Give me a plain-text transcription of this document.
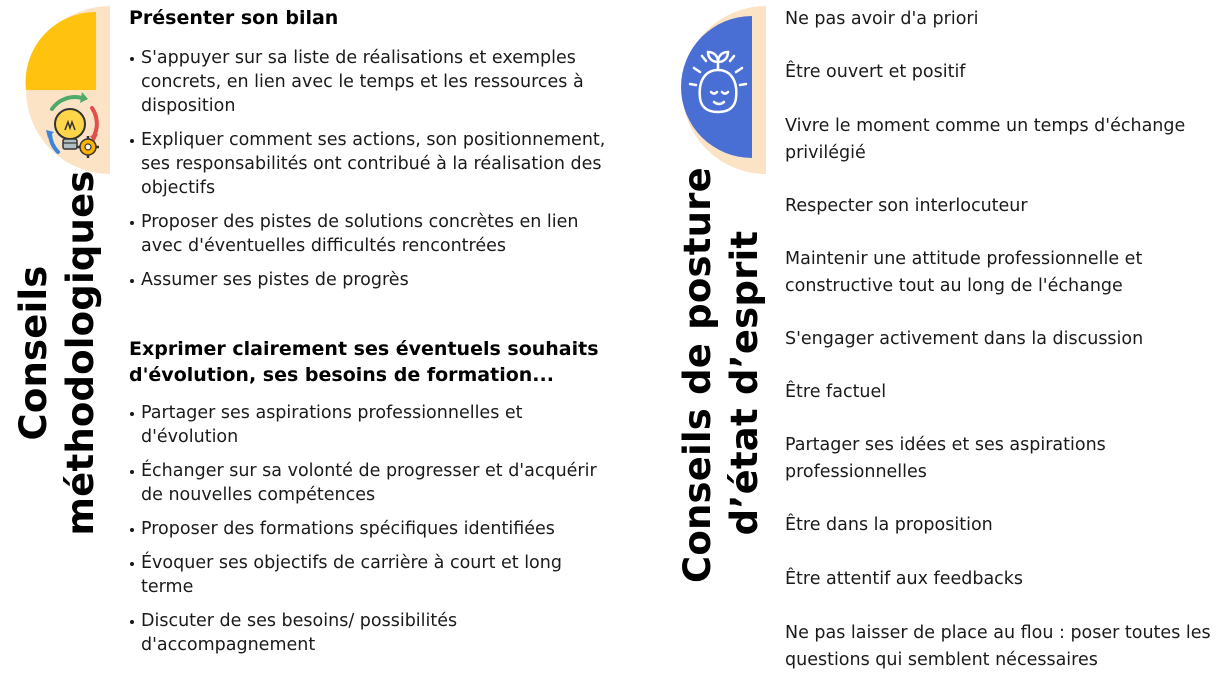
Conseils méthodologiques
Présenter son bilan
S'appuyer sur sa liste de réalisations et exemples concrets, en lien avec le temps et les ressources à disposition
Expliquer comment ses actions, son positionnement, ses responsabilités ont contribué à la réalisation des objectifs
Proposer des pistes de solutions concrètes en lien avec d'éventuelles difficultés rencontrées
Assumer ses pistes de progrès
Exprimer clairement ses éventuels souhaits d'évolution, ses besoins de formation...
Partager ses aspirations professionnelles et d'évolution
Échanger sur sa volonté de progresser et d'acquérir de nouvelles compétences
Proposer des formations spécifiques identifiées
Évoquer ses objectifs de carrière à court et long terme
Discuter de ses besoins/ possibilités d'accompagnement
Conseils de posture d’état d’esprit
Ne pas avoir d'a priori
Être ouvert et positif
Vivre le moment comme un temps d'échange privilégié
Respecter son interlocuteur
Maintenir une attitude professionnelle et constructive tout au long de l'échange
S'engager activement dans la discussion
Être factuel
Partager ses idées et ses aspirations professionnelles
Être dans la proposition
Être attentif aux feedbacks
Ne pas laisser de place au flou : poser toutes les questions qui semblent nécessaires
